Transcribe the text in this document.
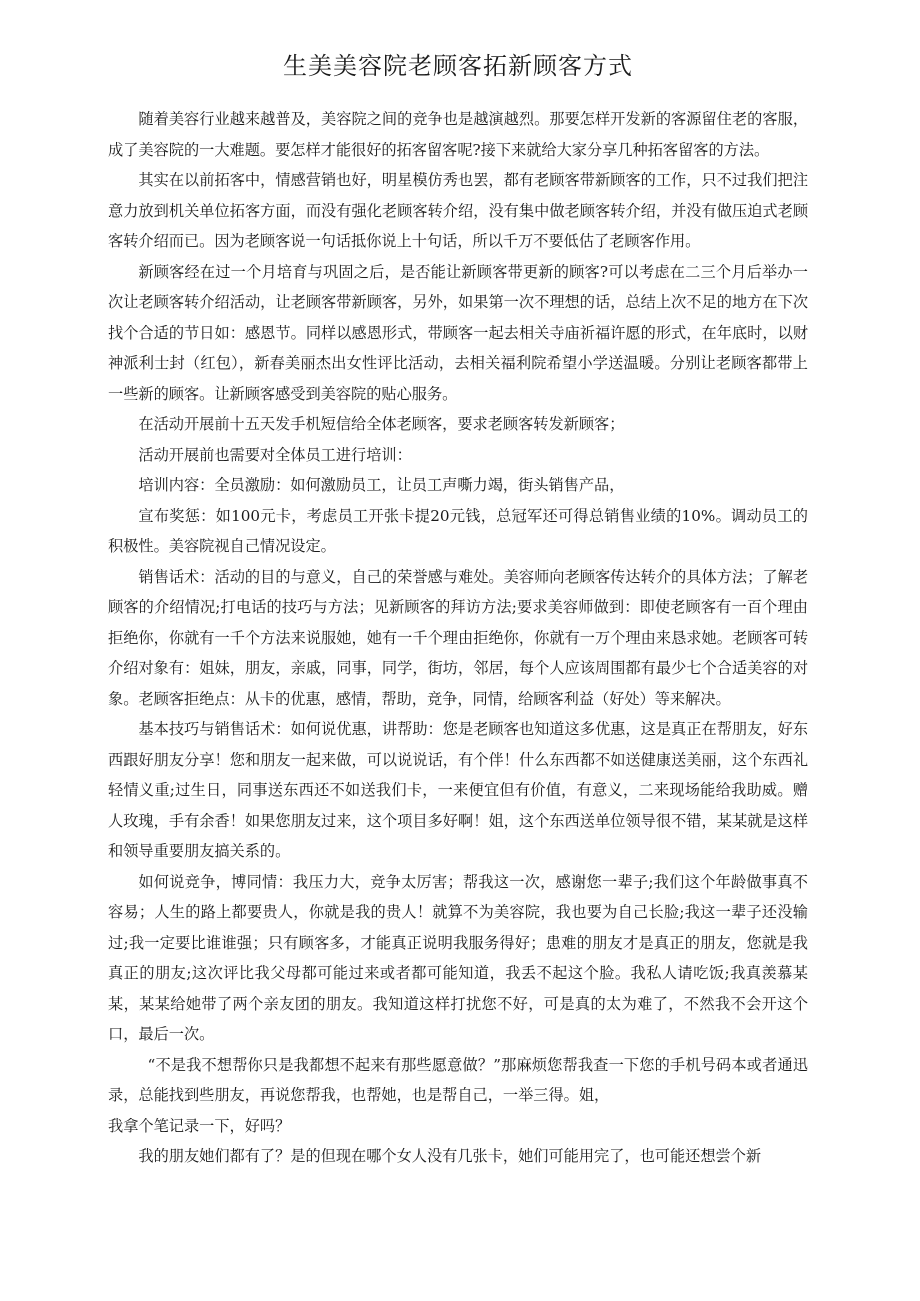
生美美容院老顾客拓新顾客方式

随着美容行业越来越普及，美容院之间的竞争也是越演越烈。那要怎样开发新的客源留住老的客服，成了美容院的一大难题。要怎样才能很好的拓客留客呢?接下来就给大家分享几种拓客留客的方法。

其实在以前拓客中，情感营销也好，明星模仿秀也罢，都有老顾客带新顾客的工作，只不过我们把注意力放到机关单位拓客方面，而没有强化老顾客转介绍，没有集中做老顾客转介绍，并没有做压迫式老顾客转介绍而已。因为老顾客说一句话抵你说上十句话，所以千万不要低估了老顾客作用。

新顾客经在过一个月培育与巩固之后，是否能让新顾客带更新的顾客?可以考虑在二三个月后举办一次让老顾客转介绍活动，让老顾客带新顾客，另外，如果第一次不理想的话，总结上次不足的地方在下次找个合适的节日如：感恩节。同样以感恩形式，带顾客一起去相关寺庙祈福许愿的形式，在年底时，以财神派利士封（红包），新春美丽杰出女性评比活动，去相关福利院希望小学送温暖。分别让老顾客都带上一些新的顾客。让新顾客感受到美容院的贴心服务。

在活动开展前十五天发手机短信给全体老顾客，要求老顾客转发新顾客；

活动开展前也需要对全体员工进行培训：

培训内容：全员激励：如何激励员工，让员工声嘶力竭，街头销售产品，

宣布奖惩：如100元卡，考虑员工开张卡提20元钱，总冠军还可得总销售业绩的10%。调动员工的积极性。美容院视自己情况设定。

销售话术：活动的目的与意义，自己的荣誉感与难处。美容师向老顾客传达转介的具体方法；了解老顾客的介绍情况;打电话的技巧与方法；见新顾客的拜访方法;要求美容师做到：即使老顾客有一百个理由拒绝你，你就有一千个方法来说服她，她有一千个理由拒绝你，你就有一万个理由来恳求她。老顾客可转介绍对象有：姐妹，朋友，亲戚，同事，同学，街坊，邻居，每个人应该周围都有最少七个合适美容的对象。老顾客拒绝点：从卡的优惠，感情，帮助，竞争，同情，给顾客利益（好处）等来解决。

基本技巧与销售话术：如何说优惠，讲帮助：您是老顾客也知道这多优惠，这是真正在帮朋友，好东西跟好朋友分享！您和朋友一起来做，可以说说话，有个伴！什么东西都不如送健康送美丽，这个东西礼轻情义重;过生日，同事送东西还不如送我们卡，一来便宜但有价值，有意义，二来现场能给我助威。赠人玫瑰，手有余香！如果您朋友过来，这个项目多好啊！姐，这个东西送单位领导很不错，某某就是这样和领导重要朋友搞关系的。

如何说竞争，博同情：我压力大，竞争太厉害；帮我这一次，感谢您一辈子;我们这个年龄做事真不容易；人生的路上都要贵人，你就是我的贵人！就算不为美容院，我也要为自己长脸;我这一辈子还没输过;我一定要比谁谁强；只有顾客多，才能真正说明我服务得好；患难的朋友才是真正的朋友，您就是我真正的朋友;这次评比我父母都可能过来或者都可能知道，我丢不起这个脸。我私人请吃饭;我真羡慕某某，某某给她带了两个亲友团的朋友。我知道这样打扰您不好，可是真的太为难了，不然我不会开这个口，最后一次。

“不是我不想帮你只是我都想不起来有那些愿意做？”那麻烦您帮我查一下您的手机号码本或者通迅录，总能找到些朋友，再说您帮我，也帮她，也是帮自己，一举三得。姐，

我拿个笔记录一下，好吗？

我的朋友她们都有了？是的但现在哪个女人没有几张卡，她们可能用完了，也可能还想尝个新
